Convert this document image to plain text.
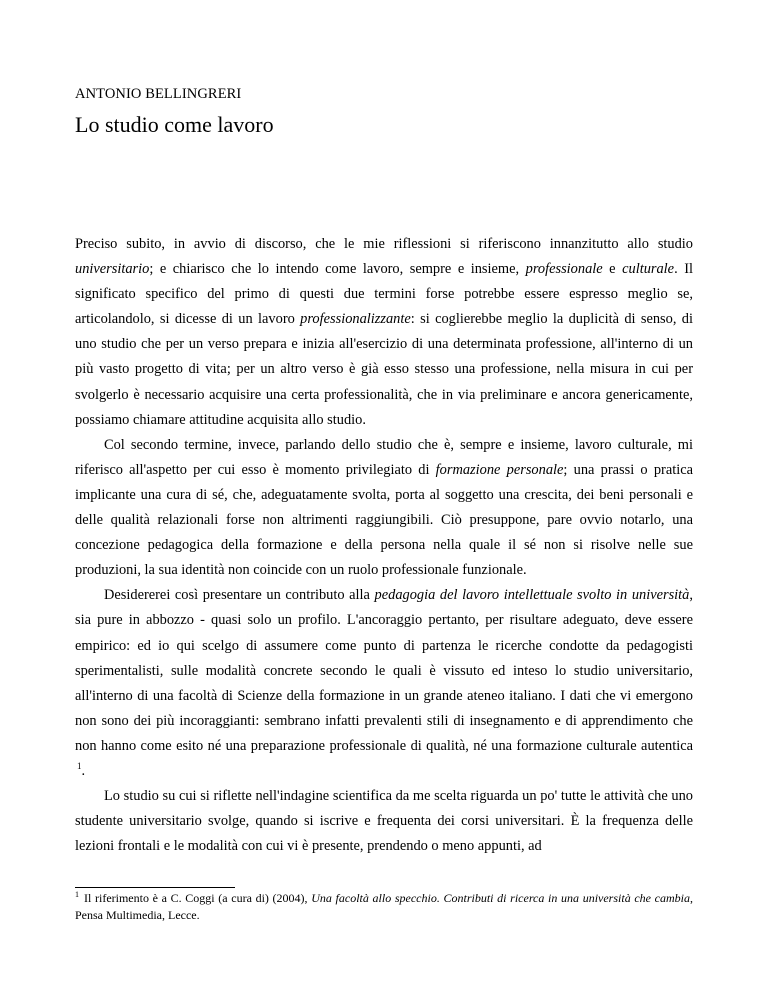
ANTONIO BELLINGRERI
Lo studio come lavoro

Preciso subito, in avvio di discorso, che le mie riflessioni si riferiscono innanzitutto allo studio universitario; e chiarisco che lo intendo come lavoro, sempre e insieme, professionale e culturale. Il significato specifico del primo di questi due termini forse potrebbe essere espresso meglio se, articolandolo, si dicesse di un lavoro professionalizzante: si coglierebbe meglio la duplicità di senso, di uno studio che per un verso prepara e inizia all'esercizio di una determinata professione, all'interno di un più vasto progetto di vita; per un altro verso è già esso stesso una professione, nella misura in cui per svolgerlo è necessario acquisire una certa professionalità, che in via preliminare e ancora genericamente, possiamo chiamare attitudine acquisita allo studio.

Col secondo termine, invece, parlando dello studio che è, sempre e insieme, lavoro culturale, mi riferisco all'aspetto per cui esso è momento privilegiato di formazione personale; una prassi o pratica implicante una cura di sé, che, adeguatamente svolta, porta al soggetto una crescita, dei beni personali e delle qualità relazionali forse non altrimenti raggiungibili. Ciò presuppone, pare ovvio notarlo, una concezione pedagogica della formazione e della persona nella quale il sé non si risolve nelle sue produzioni, la sua identità non coincide con un ruolo professionale funzionale.

Desidererei così presentare un contributo alla pedagogia del lavoro intellettuale svolto in università, sia pure in abbozzo - quasi solo un profilo. L'ancoraggio pertanto, per risultare adeguato, deve essere empirico: ed io qui scelgo di assumere come punto di partenza le ricerche condotte da pedagogisti sperimentalisti, sulle modalità concrete secondo le quali è vissuto ed inteso lo studio universitario, all'interno di una facoltà di Scienze della formazione in un grande ateneo italiano. I dati che vi emergono non sono dei più incoraggianti: sembrano infatti prevalenti stili di insegnamento e di apprendimento che non hanno come esito né una preparazione professionale di qualità, né una formazione culturale autentica $^1$.

Lo studio su cui si riflette nell'indagine scientifica da me scelta riguarda un po' tutte le attività che uno studente universitario svolge, quando si iscrive e frequenta dei corsi universitari. È la frequenza delle lezioni frontali e le modalità con cui vi è presente, prendendo o meno appunti, ad

$^1$ Il riferimento è a C. Coggi (a cura di) (2004), Una facoltà allo specchio. Contributi di ricerca in una università che cambia, Pensa Multimedia, Lecce.
